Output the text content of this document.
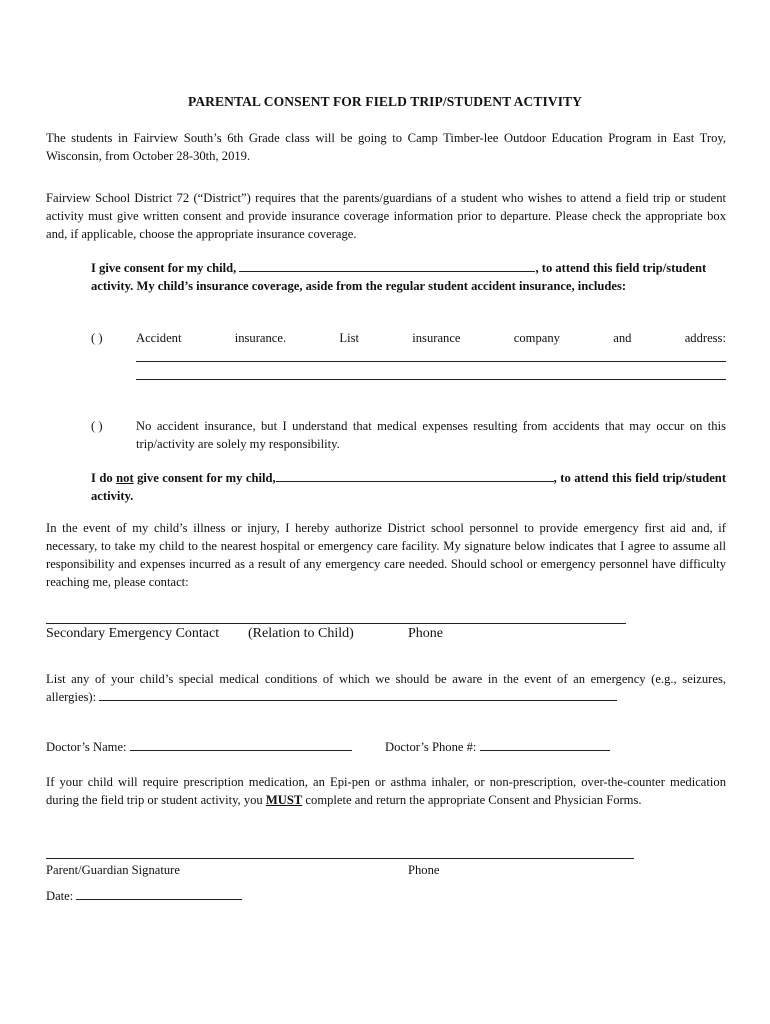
PARENTAL CONSENT FOR FIELD TRIP/STUDENT ACTIVITY
The students in Fairview South’s 6th Grade class will be going to Camp Timber-lee Outdoor Education Program in East Troy, Wisconsin, from October 28-30th, 2019.
Fairview School District 72 (“District”) requires that the parents/guardians of a student who wishes to attend a field trip or student activity must give written consent and provide insurance coverage information prior to departure. Please check the appropriate box and, if applicable, choose the appropriate insurance coverage.
I give consent for my child,	, to attend this field trip/student activity. My child’s insurance coverage, aside from the regular student accident insurance, includes:
( )	Accident	insurance.	List	insurance	company	and	address:
( )	No accident insurance, but I understand that medical expenses resulting from accidents that may occur on this trip/activity are solely my responsibility.
I do not give consent for my child,	, to attend this field trip/student activity.
In the event of my child’s illness or injury, I hereby authorize District school personnel to provide emergency first aid and, if necessary, to take my child to the nearest hospital or emergency care facility. My signature below indicates that I agree to assume all responsibility and expenses incurred as a result of any emergency care needed. Should school or emergency personnel have difficulty reaching me, please contact:
Secondary Emergency Contact (Relation to Child)	Phone
List any of your child’s special medical conditions of which we should be aware in the event of an emergency (e.g., seizures, allergies):
Doctor’s Name:	Doctor’s Phone #:
If your child will require prescription medication, an Epi-pen or asthma inhaler, or non-prescription, over-the-counter medication during the field trip or student activity, you MUST complete and return the appropriate Consent and Physician Forms.
Parent/Guardian Signature	Phone
Date:
